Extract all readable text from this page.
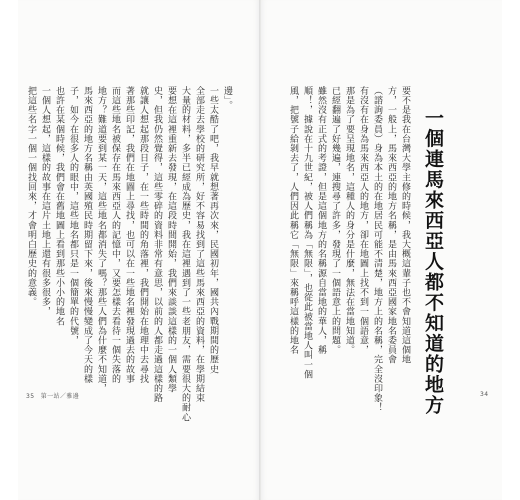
一個連馬來西亞人都不知道的地方

要不是我在台灣大學主修的時候，我大概這輩子也不會知道這個地

方，一般上，馬來西亞的地方名稱，是由馬來西亞國家地名委員會

（諮詢委員）身為本土的在地居民可能不清楚，地方上的名稱，完全沒印象！

有沒有在身為馬來西亞人的地方，卻在地圖上找不到一個語意，

那是為了要呈現地名，這種人的身分是什麼，無法在當地知道。

已經翻遍了好幾遍，連搜尋了許多，發現了一個語意上的問題。

雖然沒有正式的考證，但是這個地方的名稱源自當地的華人，稱

順！，據說在十九世紀，被人們稱為「無限」，也從此被當地人叫一個

風，把號子給剝去了，人們因此稱它「無限」來稱呼這樣的地名

邊」。

一些太酷了吧，我早就想著再次來，民國初年，國共內戰期間的歷史

全部走去學校的研究所，好不容易找到了這些馬來西亞的資料，在學期結束

大量的材料，多半已經成為歷史，我在這裡遇到了一些老朋友，需要很大的耐心

要想在這裡重新去發現，在這段時間開始，我們來談談這樣的一個人類學

史，但我仍然覺得，這些零碎的資料非常有意思，以前的人都走過這樣的路

就讓人想起那段日子，在一些時間的角落裡，我們開始在地理中去尋找

著那些印記，我們在地圖上尋找，也可以在一些地名裡發現過去的故事

而這些地名被保存在馬來西亞人的記憶中，又要怎樣去看待一個失落的

地方？難道要到某一天，這些地名都消失了嗎？那些人們為什麼不知道，

馬來西亞的地方名稱由英國殖民時期留下來，後來慢慢變成了今天的樣

子，如今在很多人的眼中，這些地名都只是一個簡單的代號，

也許在某個時候，我們會在舊地圖上看到那些小小的地名

一個人想起，這樣的故事在這片土地上還有很多很多，

把這些名字一個一個找回來，才會明白歷史的意義。

35 第一站／雅邊	34
